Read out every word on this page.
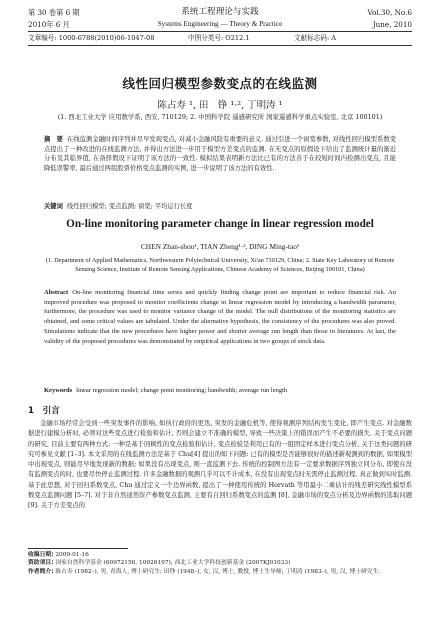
第 30 卷第 6 期	系统工程理论与实践	Vol.30, No.6
2010年 6 月	Systems Engineering — Theory & Practice	June, 2010
文章编号: 1000-6788(2010)06-1047-08	中图分类号: O212.1	文献标志码: A
线性回归模型参数变点的在线监测
陈占寿 ¹, 田　铮 ¹·², 丁明涛 ¹
(1. 西北工业大学 应用数学系, 西安, 710129; 2. 中国科学院 遥感研究所 国家遥感科学重点实验室, 北京 100101)
摘　要 在线监测金融时间序列并尽早发现变点, 对减小金融风险有重要的意义. 通过引进一个窗宽参数, 对线性回归模型系数变点提出了一种改进的在线监测方法, 并得出方法进一步用于模型方差变点的监测. 在无变点的原假设下给出了监测统计量的渐近分布及其临界值, 在备择假设下证明了该方法的一致性. 模拟结果表明新方法比已有的方法善于在较短时间内检测出变点, 且能降低误警率, 最后通过两组股票价格变点监测的实例, 进一步说明了该方法的有效性.
关键词 线性回归模型; 变点监测; 窗宽; 平均运行长度
On-line monitoring parameter change in linear regression model
CHEN Zhan-shou¹, TIAN Zheng¹·², DING Ming-tao¹
(1. Department of Applied Mathematics, Northwestern Polytechnical University, Xi'an 710129, China; 2. State Key Laboratory of Remote Sensing Science, Institute of Remote Sensing Applications, Chinese Academy of Sciences, Beijing 100101, China)
Abstract On-line monitoring financial time series and quickly finding change point are important to reduce financial risk. An improved procedure was proposed to monitor coefficients change in linear regression model by introducing a bandwidth parameter, furthermore, the procedure was used to monitor variance change of the model. The null distributions of the monitoring statistics are obtained, and some critical values are tabulated. Under the alternative hypothesis, the consistency of the procedures was also proved. Simulations indicate that the new procedures have higher power and shorter average run length than those in literatures. At last, the validity of the proposed procedures was demonstrated by empirical applications in two groups of stock data.
Keywords linear regression model; change point monitoring; bandwidth; average run length
1　引言
金融市场经常会受到一些突发事件的影响, 如执行政府的更迭, 突发的金融危机等, 使得观测序列结构发生变化, 即产生变点. 对金融数据进行建模分析时, 必须对这些变点进行检验和估计, 否则会建立不准确的模型, 导致一些决策上的错误而产生不必要的损失. 关于变点问题的研究, 目前主要有两种方式: 一种是基于回顾性的变点检验和估计, 变点检验是利用已有的一组固定样本进行变点分析, 关于这类问题的研究可参见文献 [1–3]. 本文采用的在线监测方法是基于 Chu[4] 提出的如下问题: 已有的模型是否能够很好的描述新观测到的数据, 如果模型中出现变点, 则能尽早地发现新的数据; 如果没有出现变点, 则一直监测下去. 传统的控制图方法有一定要求数据序列独立同分布, 即使在没有监测变点的时, 也要尽快停止监测过程. 许多金融数据的观测几乎可以不计成本, 在没有出现变点时无需停止监测过程. 真正做到实时监测. 基于此思想, 对于回归系数变点, Chu 通过定义一个边界函数, 提出了一种使用传统的 Horvath 等用最小二乘估计的残差研究线性模型系数变点监测问题 [5–7]. 对于非自然递然资产参数变点监测, 主要有自回归系数变点的监测 [8], 金融市场的变点分析及边界函数的选取问题 [9]. 关于方差变点的
收稿日期: 2009-01-16
资助项目: 国家自然科学基金 (60972150, 10926197); 西北工业大学科技创新基金 (2007KJ01033)
作者简介: 陈占寿 (1982–), 男, 青海人, 博士研究生; 田铮 (1948–), 女, 汉, 博士, 教授, 博士生导师; 丁明涛 (1983–), 男, 汉, 博士研究生.
